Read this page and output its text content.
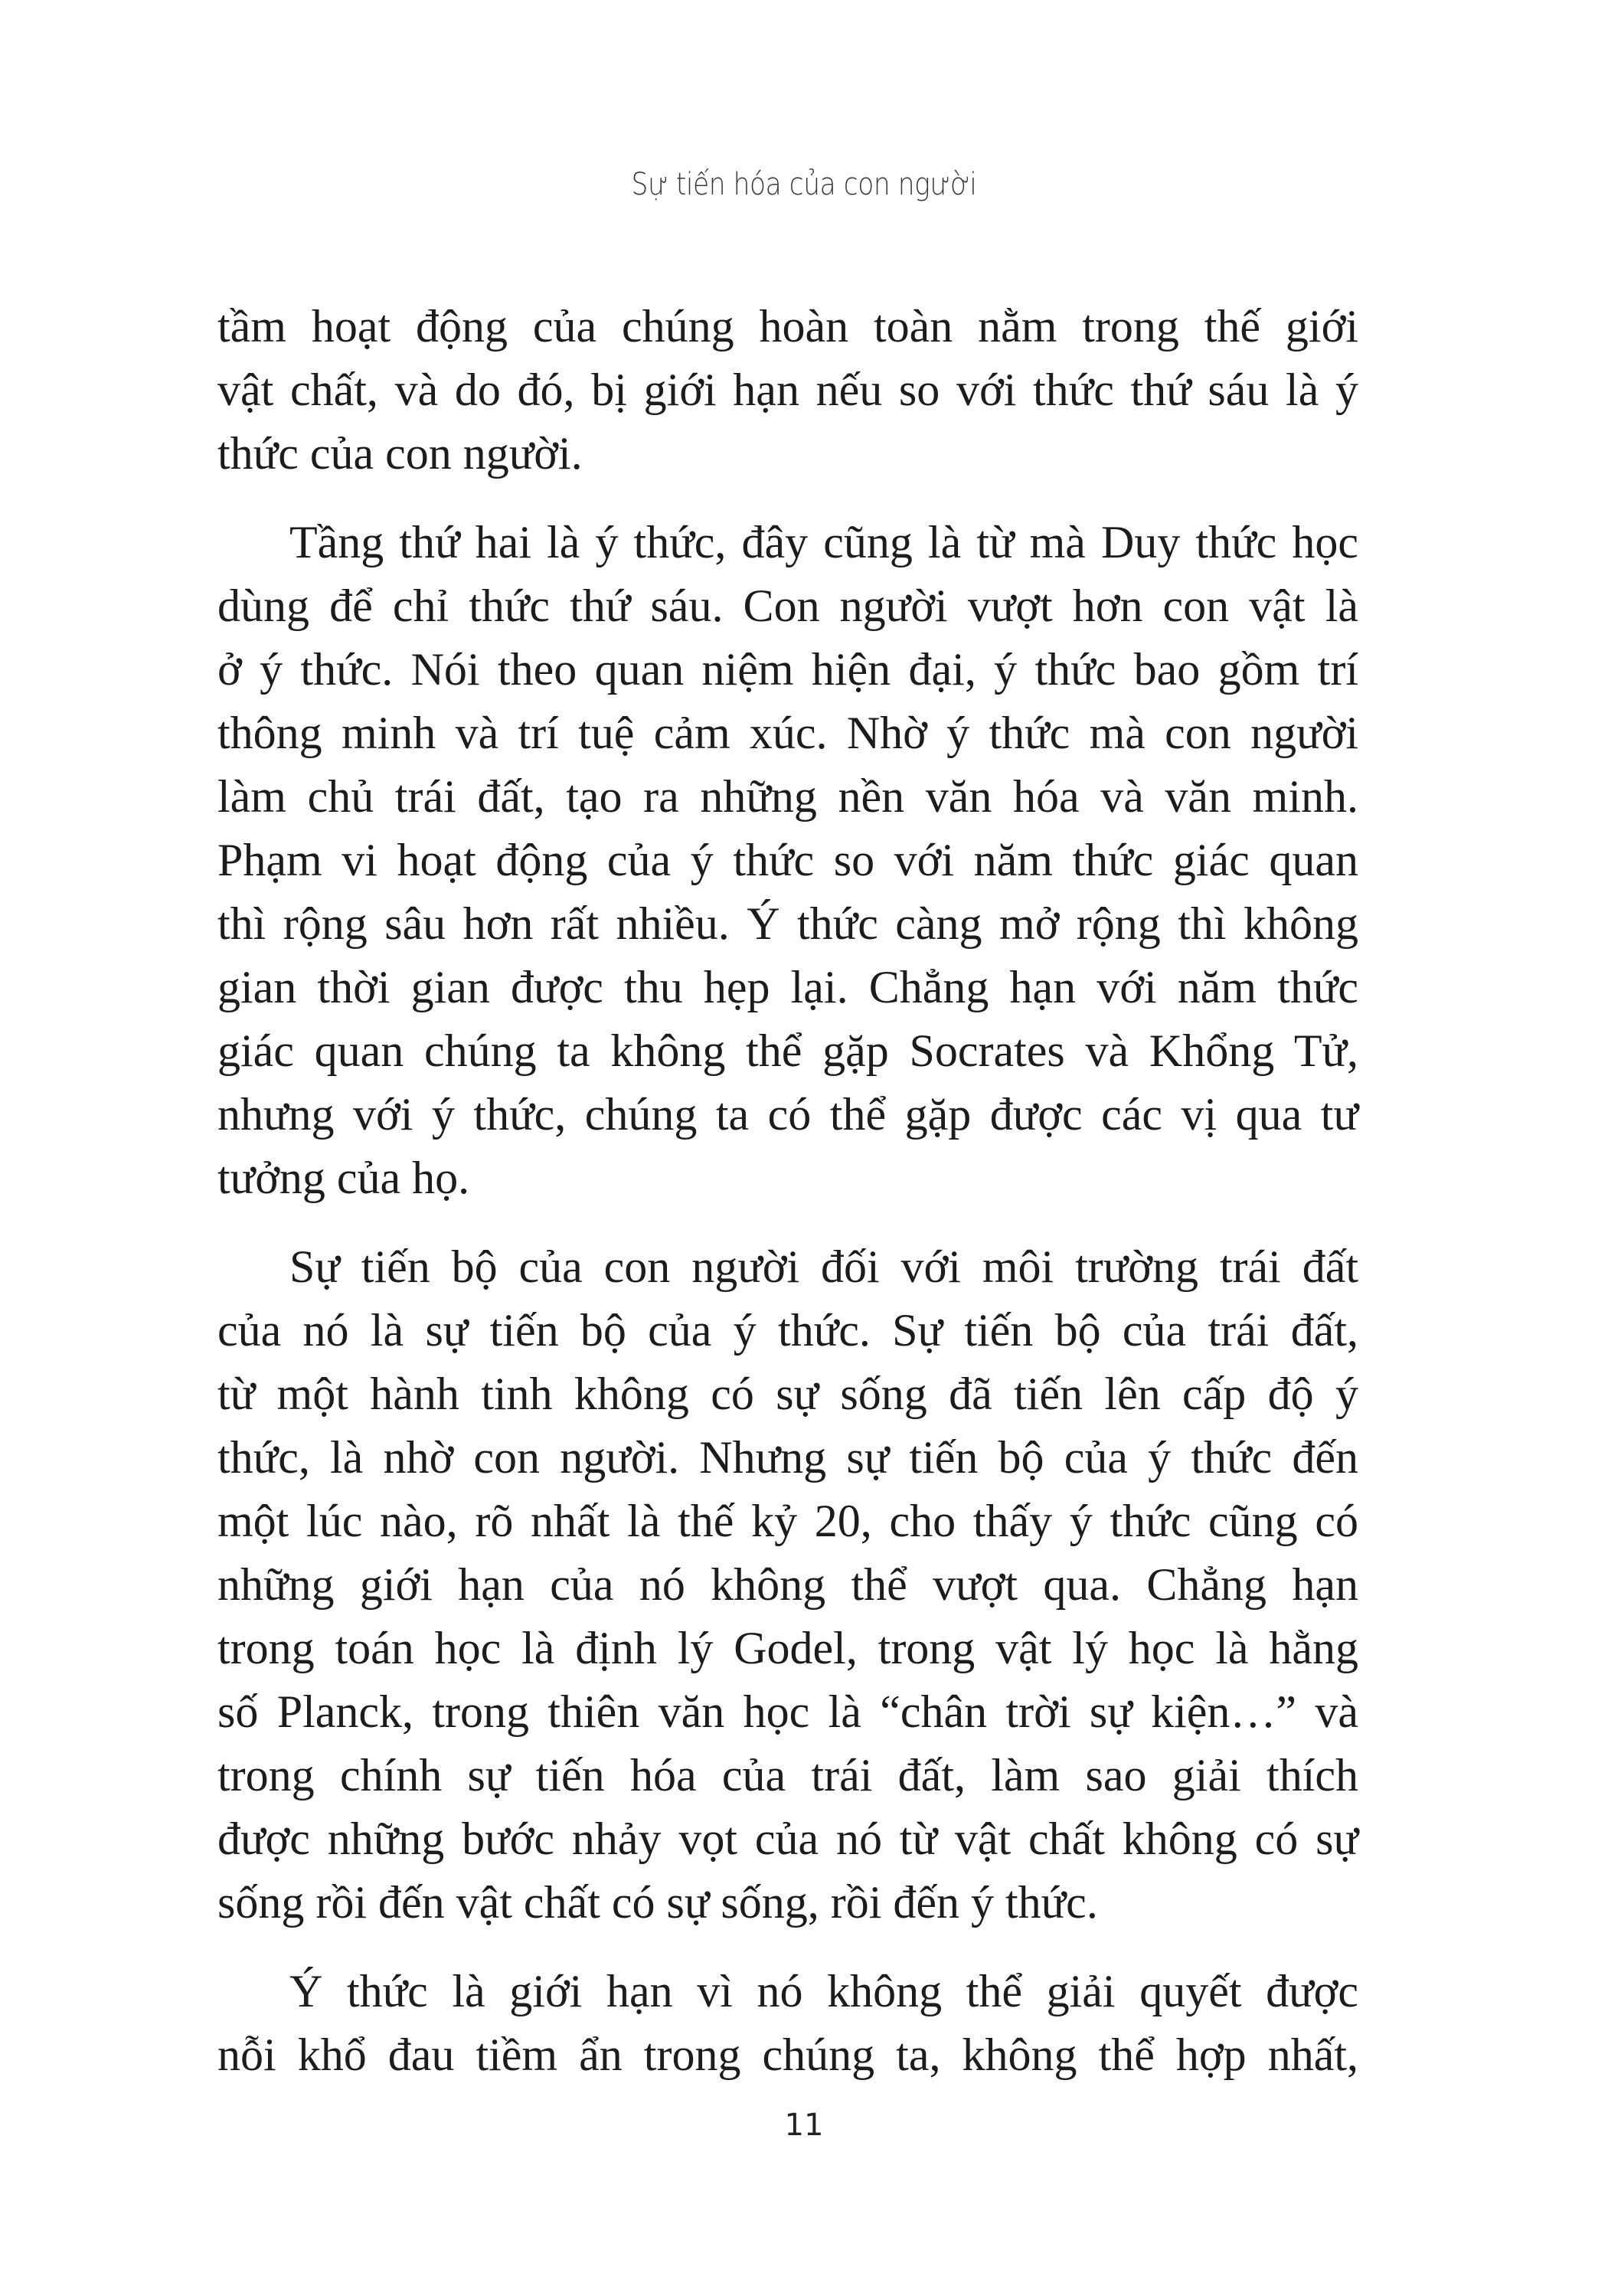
Sự tiến hóa của con người

tầm hoạt động của chúng hoàn toàn nằm trong thế giới
vật chất, và do đó, bị giới hạn nếu so với thức thứ sáu là ý
thức của con người.

Tầng thứ hai là ý thức, đây cũng là từ mà Duy thức học
dùng để chỉ thức thứ sáu. Con người vượt hơn con vật là
ở ý thức. Nói theo quan niệm hiện đại, ý thức bao gồm trí
thông minh và trí tuệ cảm xúc. Nhờ ý thức mà con người
làm chủ trái đất, tạo ra những nền văn hóa và văn minh.
Phạm vi hoạt động của ý thức so với năm thức giác quan
thì rộng sâu hơn rất nhiều. Ý thức càng mở rộng thì không
gian thời gian được thu hẹp lại. Chẳng hạn với năm thức
giác quan chúng ta không thể gặp Socrates và Khổng Tử,
nhưng với ý thức, chúng ta có thể gặp được các vị qua tư
tưởng của họ.

Sự tiến bộ của con người đối với môi trường trái đất
của nó là sự tiến bộ của ý thức. Sự tiến bộ của trái đất,
từ một hành tinh không có sự sống đã tiến lên cấp độ ý
thức, là nhờ con người. Nhưng sự tiến bộ của ý thức đến
một lúc nào, rõ nhất là thế kỷ 20, cho thấy ý thức cũng có
những giới hạn của nó không thể vượt qua. Chẳng hạn
trong toán học là định lý Godel, trong vật lý học là hằng
số Planck, trong thiên văn học là “chân trời sự kiện…” và
trong chính sự tiến hóa của trái đất, làm sao giải thích
được những bước nhảy vọt của nó từ vật chất không có sự
sống rồi đến vật chất có sự sống, rồi đến ý thức.

Ý thức là giới hạn vì nó không thể giải quyết được
nỗi khổ đau tiềm ẩn trong chúng ta, không thể hợp nhất,

11
